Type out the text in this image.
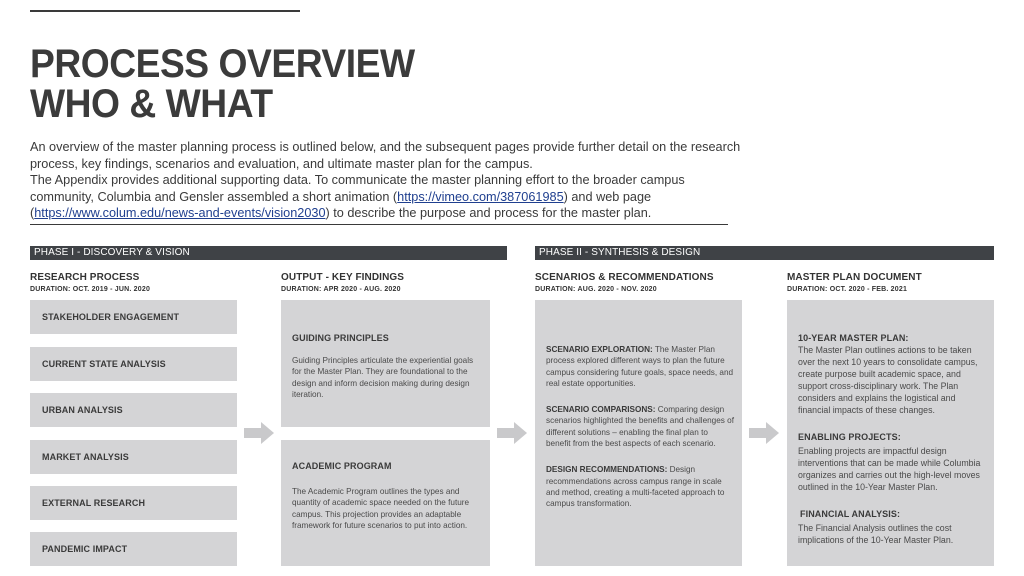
PROCESS OVERVIEW
WHO & WHAT

An overview of the master planning process is outlined below, and the subsequent pages provide further detail on the research process, key findings, scenarios and evaluation, and ultimate master plan for the campus.

The Appendix provides additional supporting data. To communicate the master planning effort to the broader campus community, Columbia and Gensler assembled a short animation (https://vimeo.com/387061985) and web page (https://www.colum.edu/news-and-events/vision2030) to describe the purpose and process for the master plan.

PHASE I - DISCOVERY & VISION	PHASE II - SYNTHESIS & DESIGN
RESEARCH PROCESS
DURATION: OCT. 2019 - JUN. 2020
OUTPUT - KEY FINDINGS
DURATION: APR 2020 - AUG. 2020
SCENARIOS & RECOMMENDATIONS
DURATION: AUG. 2020 - NOV. 2020
MASTER PLAN DOCUMENT
DURATION: OCT. 2020 - FEB. 2021
STAKEHOLDER ENGAGEMENT
CURRENT STATE ANALYSIS
URBAN ANALYSIS
MARKET ANALYSIS
EXTERNAL RESEARCH
PANDEMIC IMPACT
GUIDING PRINCIPLES
Guiding Principles articulate the experiential goals for the Master Plan. They are foundational to the design and inform decision making during design iteration.
ACADEMIC PROGRAM
The Academic Program outlines the types and quantity of academic space needed on the future campus. This projection provides an adaptable framework for future scenarios to put into action.
SCENARIO EXPLORATION: The Master Plan process explored different ways to plan the future campus considering future goals, space needs, and real estate opportunities.
SCENARIO COMPARISONS: Comparing design scenarios highlighted the benefits and challenges of different solutions – enabling the final plan to benefit from the best aspects of each scenario.
DESIGN RECOMMENDATIONS: Design recommendations across campus range in scale and method, creating a multi-faceted approach to campus transformation.
10-YEAR MASTER PLAN:
The Master Plan outlines actions to be taken over the next 10 years to consolidate campus, create purpose built academic space, and support cross-disciplinary work. The Plan considers and explains the logistical and financial impacts of these changes.
ENABLING PROJECTS:
Enabling projects are impactful design interventions that can be made while Columbia organizes and carries out the high-level moves outlined in the 10-Year Master Plan.
FINANCIAL ANALYSIS:
The Financial Analysis outlines the cost implications of the 10-Year Master Plan.
